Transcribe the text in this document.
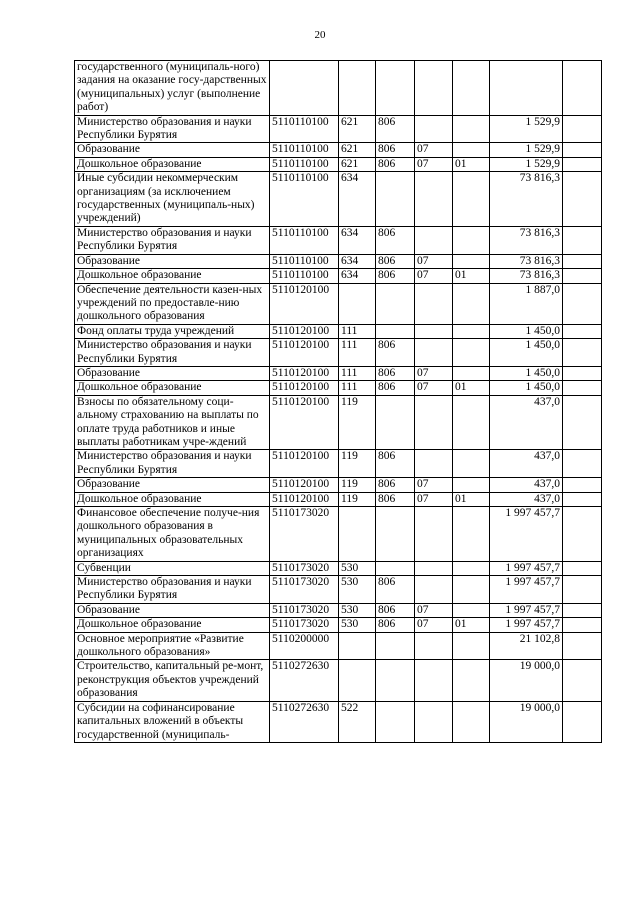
20
государственного (муниципаль-ного) задания на оказание госу-дарственных (муниципальных) услуг (выполнение работ)							
Министерство образования и науки Республики Бурятия	5110110100	621	806			1 529,9	
Образование	5110110100	621	806	07		1 529,9	
Дошкольное образование	5110110100	621	806	07	01	1 529,9	
Иные субсидии некоммерческим организациям (за исключением государственных (муниципаль-ных) учреждений)	5110110100	634				73 816,3	
Министерство образования и науки Республики Бурятия	5110110100	634	806			73 816,3	
Образование	5110110100	634	806	07		73 816,3	
Дошкольное образование	5110110100	634	806	07	01	73 816,3	
Обеспечение деятельности казен-ных учреждений по предоставле-нию дошкольного образования	5110120100					1 887,0	
Фонд оплаты труда учреждений	5110120100	111				1 450,0	
Министерство образования и науки Республики Бурятия	5110120100	111	806			1 450,0	
Образование	5110120100	111	806	07		1 450,0	
Дошкольное образование	5110120100	111	806	07	01	1 450,0	
Взносы по обязательному соци-альному страхованию на выплаты по оплате труда работников и иные выплаты работникам учре-ждений	5110120100	119				437,0	
Министерство образования и науки Республики Бурятия	5110120100	119	806			437,0	
Образование	5110120100	119	806	07		437,0	
Дошкольное образование	5110120100	119	806	07	01	437,0	
Финансовое обеспечение получе-ния дошкольного образования в муниципальных образовательных организациях	5110173020					1 997 457,7	
Субвенции	5110173020	530				1 997 457,7	
Министерство образования и науки Республики Бурятия	5110173020	530	806			1 997 457,7	
Образование	5110173020	530	806	07		1 997 457,7	
Дошкольное образование	5110173020	530	806	07	01	1 997 457,7	
Основное мероприятие «Развитие дошкольного образования»	5110200000					21 102,8	
Строительство, капитальный ре-монт, реконструкция объектов учреждений образования	5110272630					19 000,0	
Субсидии на софинансирование капитальных вложений в объекты государственной (муниципаль-	5110272630	522				19 000,0	
